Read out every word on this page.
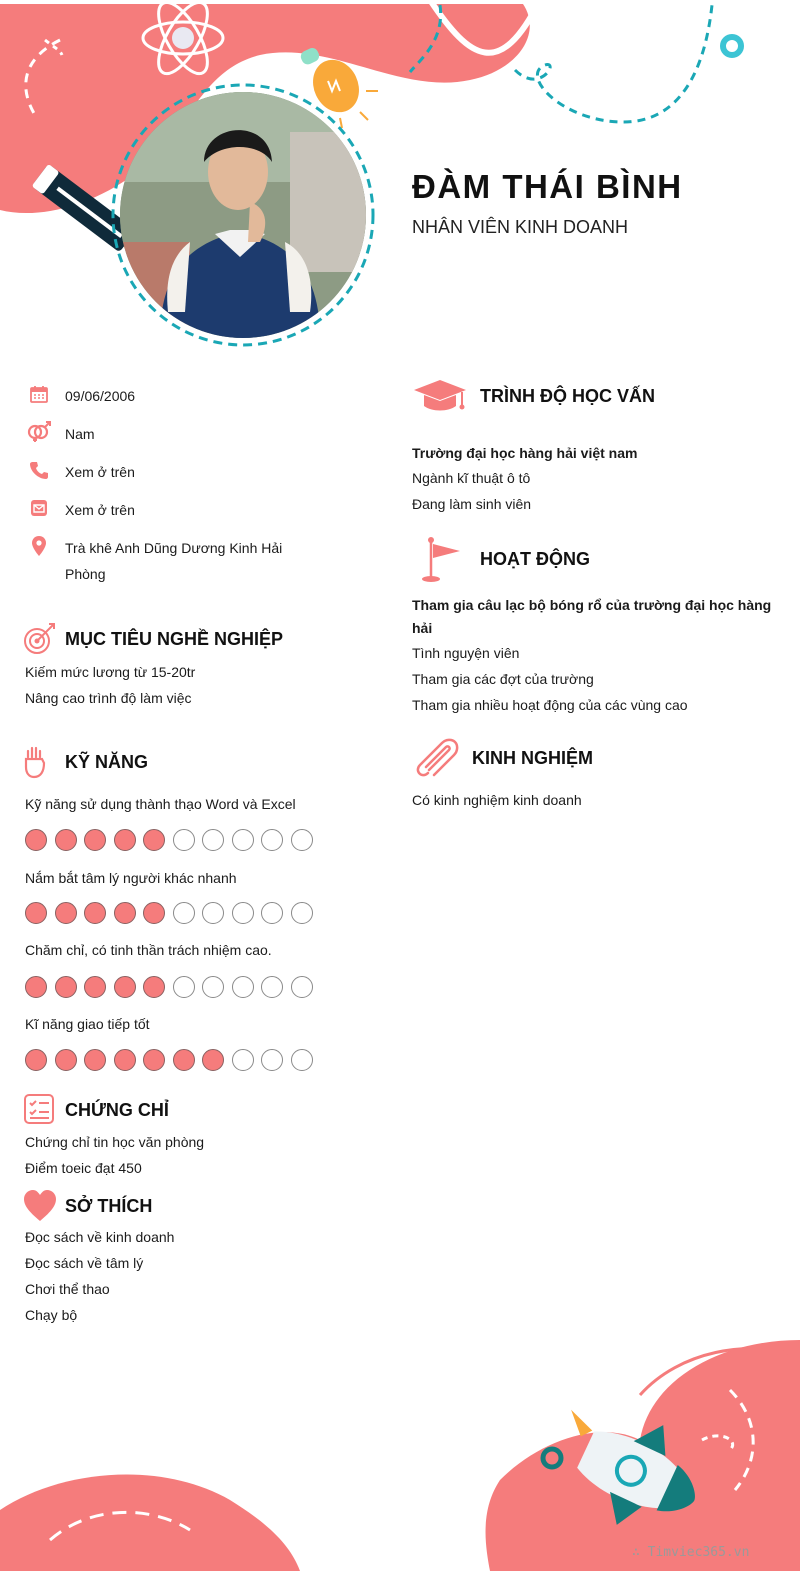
ĐÀM THÁI BÌNH
NHÂN VIÊN KINH DOANH
09/06/2006
Nam
Xem ở trên
Xem ở trên
Trà khê Anh Dũng Dương Kinh Hải Phòng
MỤC TIÊU NGHỀ NGHIỆP
Kiếm mức lương từ 15-20tr
Nâng cao trình độ làm việc
KỸ NĂNG
Kỹ năng sử dụng thành thạo Word và Excel
Nắm bắt tâm lý người khác nhanh
Chăm chỉ, có tinh thần trách nhiệm cao.
Kĩ năng giao tiếp tốt
CHỨNG CHỈ
Chứng chỉ tin học văn phòng
Điểm toeic đạt 450
SỞ THÍCH
Đọc sách về kinh doanh
Đọc sách về tâm lý
Chơi thể thao
Chạy bộ
TRÌNH ĐỘ HỌC VẤN
Trường đại học hàng hải việt nam
Ngành kĩ thuật ô tô
Đang làm sinh viên
HOẠT ĐỘNG
Tham gia câu lạc bộ bóng rổ của trường đại học hàng hải
Tình nguyện viên
Tham gia các đợt của trường
Tham gia nhiều hoạt động của các vùng cao
KINH NGHIỆM
Có kinh nghiệm kinh doanh
∴ Timviec365.vn
